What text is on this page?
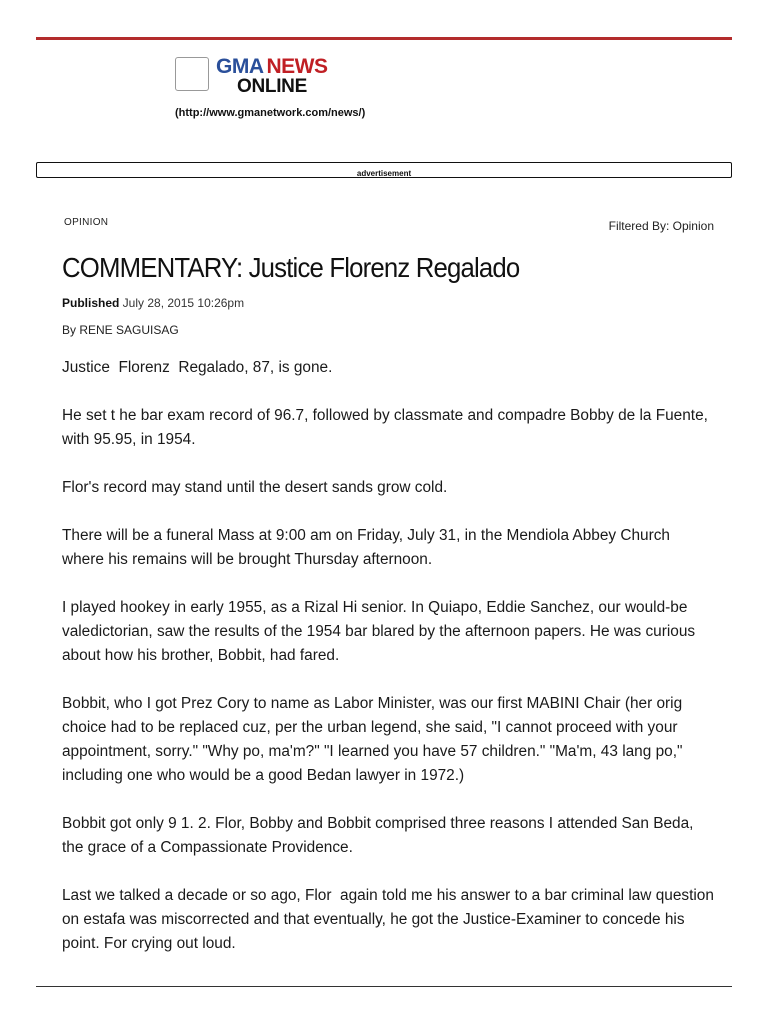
GMA NEWS
ONLINE
(http://www.gmanetwork.com/news/)
advertisement
OPINION	Filtered By: Opinion
COMMENTARY: Justice Florenz Regalado
Published July 28, 2015 10:26pm
By RENE SAGUISAG

Justice  Florenz  Regalado, 87, is gone.

He set t he bar exam record of 96.7, followed by classmate and compadre Bobby de la Fuente,  with 95.95, in 1954.

Flor's record may stand until the desert sands grow cold.

There will be a funeral Mass at 9:00 am on Friday, July 31, in the Mendiola Abbey Church where his remains will be brought Thursday afternoon.

I played hookey in early 1955, as a Rizal Hi senior. In Quiapo, Eddie Sanchez, our would-be valedictorian, saw the results of the 1954 bar blared by the afternoon papers. He was curious about how his brother, Bobbit, had fared.

Bobbit, who I got Prez Cory to name as Labor Minister, was our first MABINI Chair (her orig choice had to be replaced cuz, per the urban legend, she said, "I cannot proceed with your appointment, sorry." "Why po, ma'm?" "I learned you have 57 children." "Ma'm, 43 lang po," including one who would be a good Bedan lawyer in 1972.)

Bobbit got only 9 1. 2. Flor, Bobby and Bobbit comprised three reasons I attended San Beda, the grace of a Compassionate Providence.

Last we talked a decade or so ago, Flor  again told me his answer to a bar criminal law question on estafa was miscorrected and that eventually, he got the Justice-Examiner to concede his point. For crying out loud.
